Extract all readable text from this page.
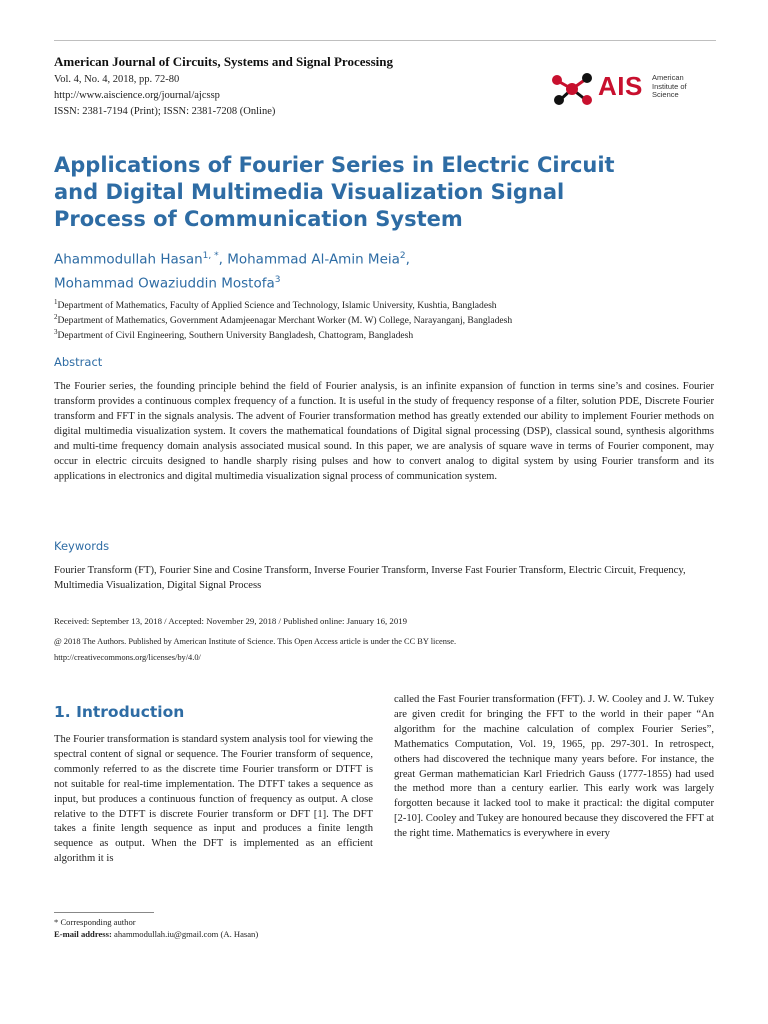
American Journal of Circuits, Systems and Signal Processing
Vol. 4, No. 4, 2018, pp. 72-80
http://www.aiscience.org/journal/ajcssp
ISSN: 2381-7194 (Print); ISSN: 2381-7208 (Online)
AIS American
Institute of
Science
Applications of Fourier Series in Electric Circuit
and Digital Multimedia Visualization Signal
Process of Communication System
Ahammodullah Hasan$^{1, *}$, Mohammad Al-Amin Meia$^2$,
Mohammad Owaziuddin Mostofa$^3$
$^1$Department of Mathematics, Faculty of Applied Science and Technology, Islamic University, Kushtia, Bangladesh
$^2$Department of Mathematics, Government Adamjeenagar Merchant Worker (M. W) College, Narayanganj, Bangladesh
$^3$Department of Civil Engineering, Southern University Bangladesh, Chattogram, Bangladesh
Abstract
The Fourier series, the founding principle behind the field of Fourier analysis, is an infinite expansion of function in terms sine’s and cosines. Fourier transform provides a continuous complex frequency of a function. It is useful in the study of frequency response of a filter, solution PDE, Discrete Fourier transform and FFT in the signals analysis. The advent of Fourier transformation method has greatly extended our ability to implement Fourier methods on digital multimedia visualization system. It covers the mathematical foundations of Digital signal processing (DSP), classical sound, synthesis algorithms and multi-time frequency domain analysis associated musical sound. In this paper, we are analysis of square wave in terms of Fourier component, may occur in electric circuits designed to handle sharply rising pulses and how to convert analog to digital system by using Fourier transform and its applications in electronics and digital multimedia visualization signal process of communication system.
Keywords
Fourier Transform (FT), Fourier Sine and Cosine Transform, Inverse Fourier Transform, Inverse Fast Fourier Transform, Electric Circuit, Frequency, Multimedia Visualization, Digital Signal Process
Received: September 13, 2018 / Accepted: November 29, 2018 / Published online: January 16, 2019
@ 2018 The Authors. Published by American Institute of Science. This Open Access article is under the CC BY license.
http://creativecommons.org/licenses/by/4.0/
1. Introduction
The Fourier transformation is standard system analysis tool for viewing the spectral content of signal or sequence. The Fourier transform of sequence, commonly referred to as the discrete time Fourier transform or DTFT is not suitable for real-time implementation. The DTFT takes a sequence as input, but produces a continuous function of frequency as output. A close relative to the DTFT is discrete Fourier transform or DFT [1]. The DFT takes a finite length sequence as input and produces a finite length sequence as output. When the DFT is implemented as an efficient algorithm it is
called the Fast Fourier transformation (FFT). J. W. Cooley and J. W. Tukey are given credit for bringing the FFT to the world in their paper “An algorithm for the machine calculation of complex Fourier Series”, Mathematics Computation, Vol. 19, 1965, pp. 297-301. In retrospect, others had discovered the technique many years before. For instance, the great German mathematician Karl Friedrich Gauss (1777-1855) had used the method more than a century earlier. This early work was largely forgotten because it lacked tool to make it practical: the digital computer [2-10]. Cooley and Tukey are honoured because they discovered the FFT at the right time. Mathematics is everywhere in every
* Corresponding author
E-mail address: ahammodullah.iu@gmail.com (A. Hasan)
